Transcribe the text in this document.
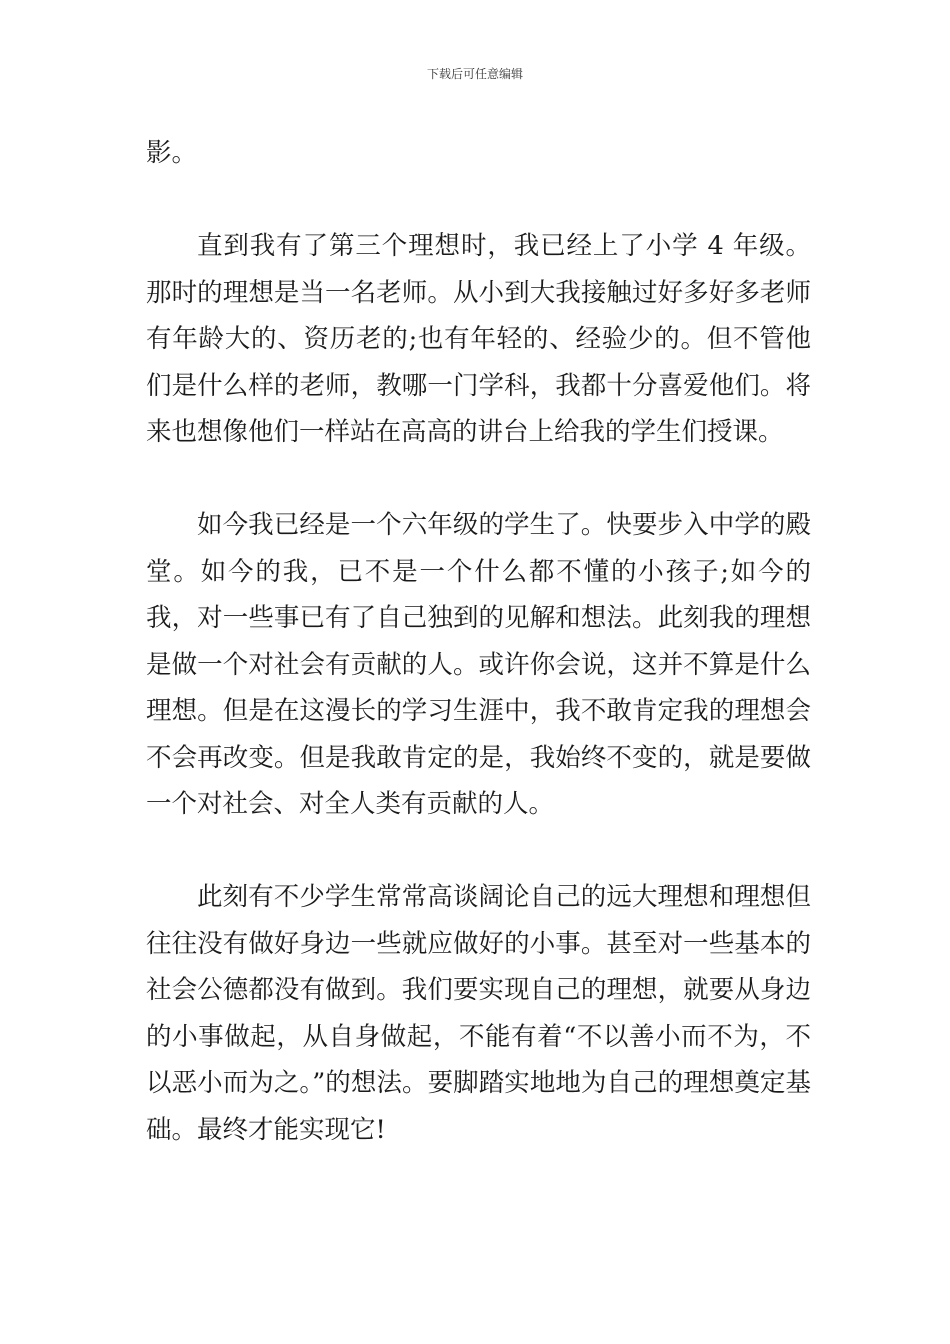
下载后可任意编辑

影。

直到我有了第三个理想时，我已经上了小学 4 年级。那时的理想是当一名老师。从小到大我接触过好多好多老师有年龄大的、资历老的;也有年轻的、经验少的。但不管他们是什么样的老师，教哪一门学科，我都十分喜爱他们。将来也想像他们一样站在高高的讲台上给我的学生们授课。

如今我已经是一个六年级的学生了。快要步入中学的殿堂。如今的我，已不是一个什么都不懂的小孩子;如今的我，对一些事已有了自己独到的见解和想法。此刻我的理想是做一个对社会有贡献的人。或许你会说，这并不算是什么理想。但是在这漫长的学习生涯中，我不敢肯定我的理想会不会再改变。但是我敢肯定的是，我始终不变的，就是要做一个对社会、对全人类有贡献的人。

此刻有不少学生常常高谈阔论自己的远大理想和理想但往往没有做好身边一些就应做好的小事。甚至对一些基本的社会公德都没有做到。我们要实现自己的理想，就要从身边的小事做起，从自身做起，不能有着“不以善小而不为，不以恶小而为之。”的想法。要脚踏实地地为自己的理想奠定基础。最终才能实现它!
